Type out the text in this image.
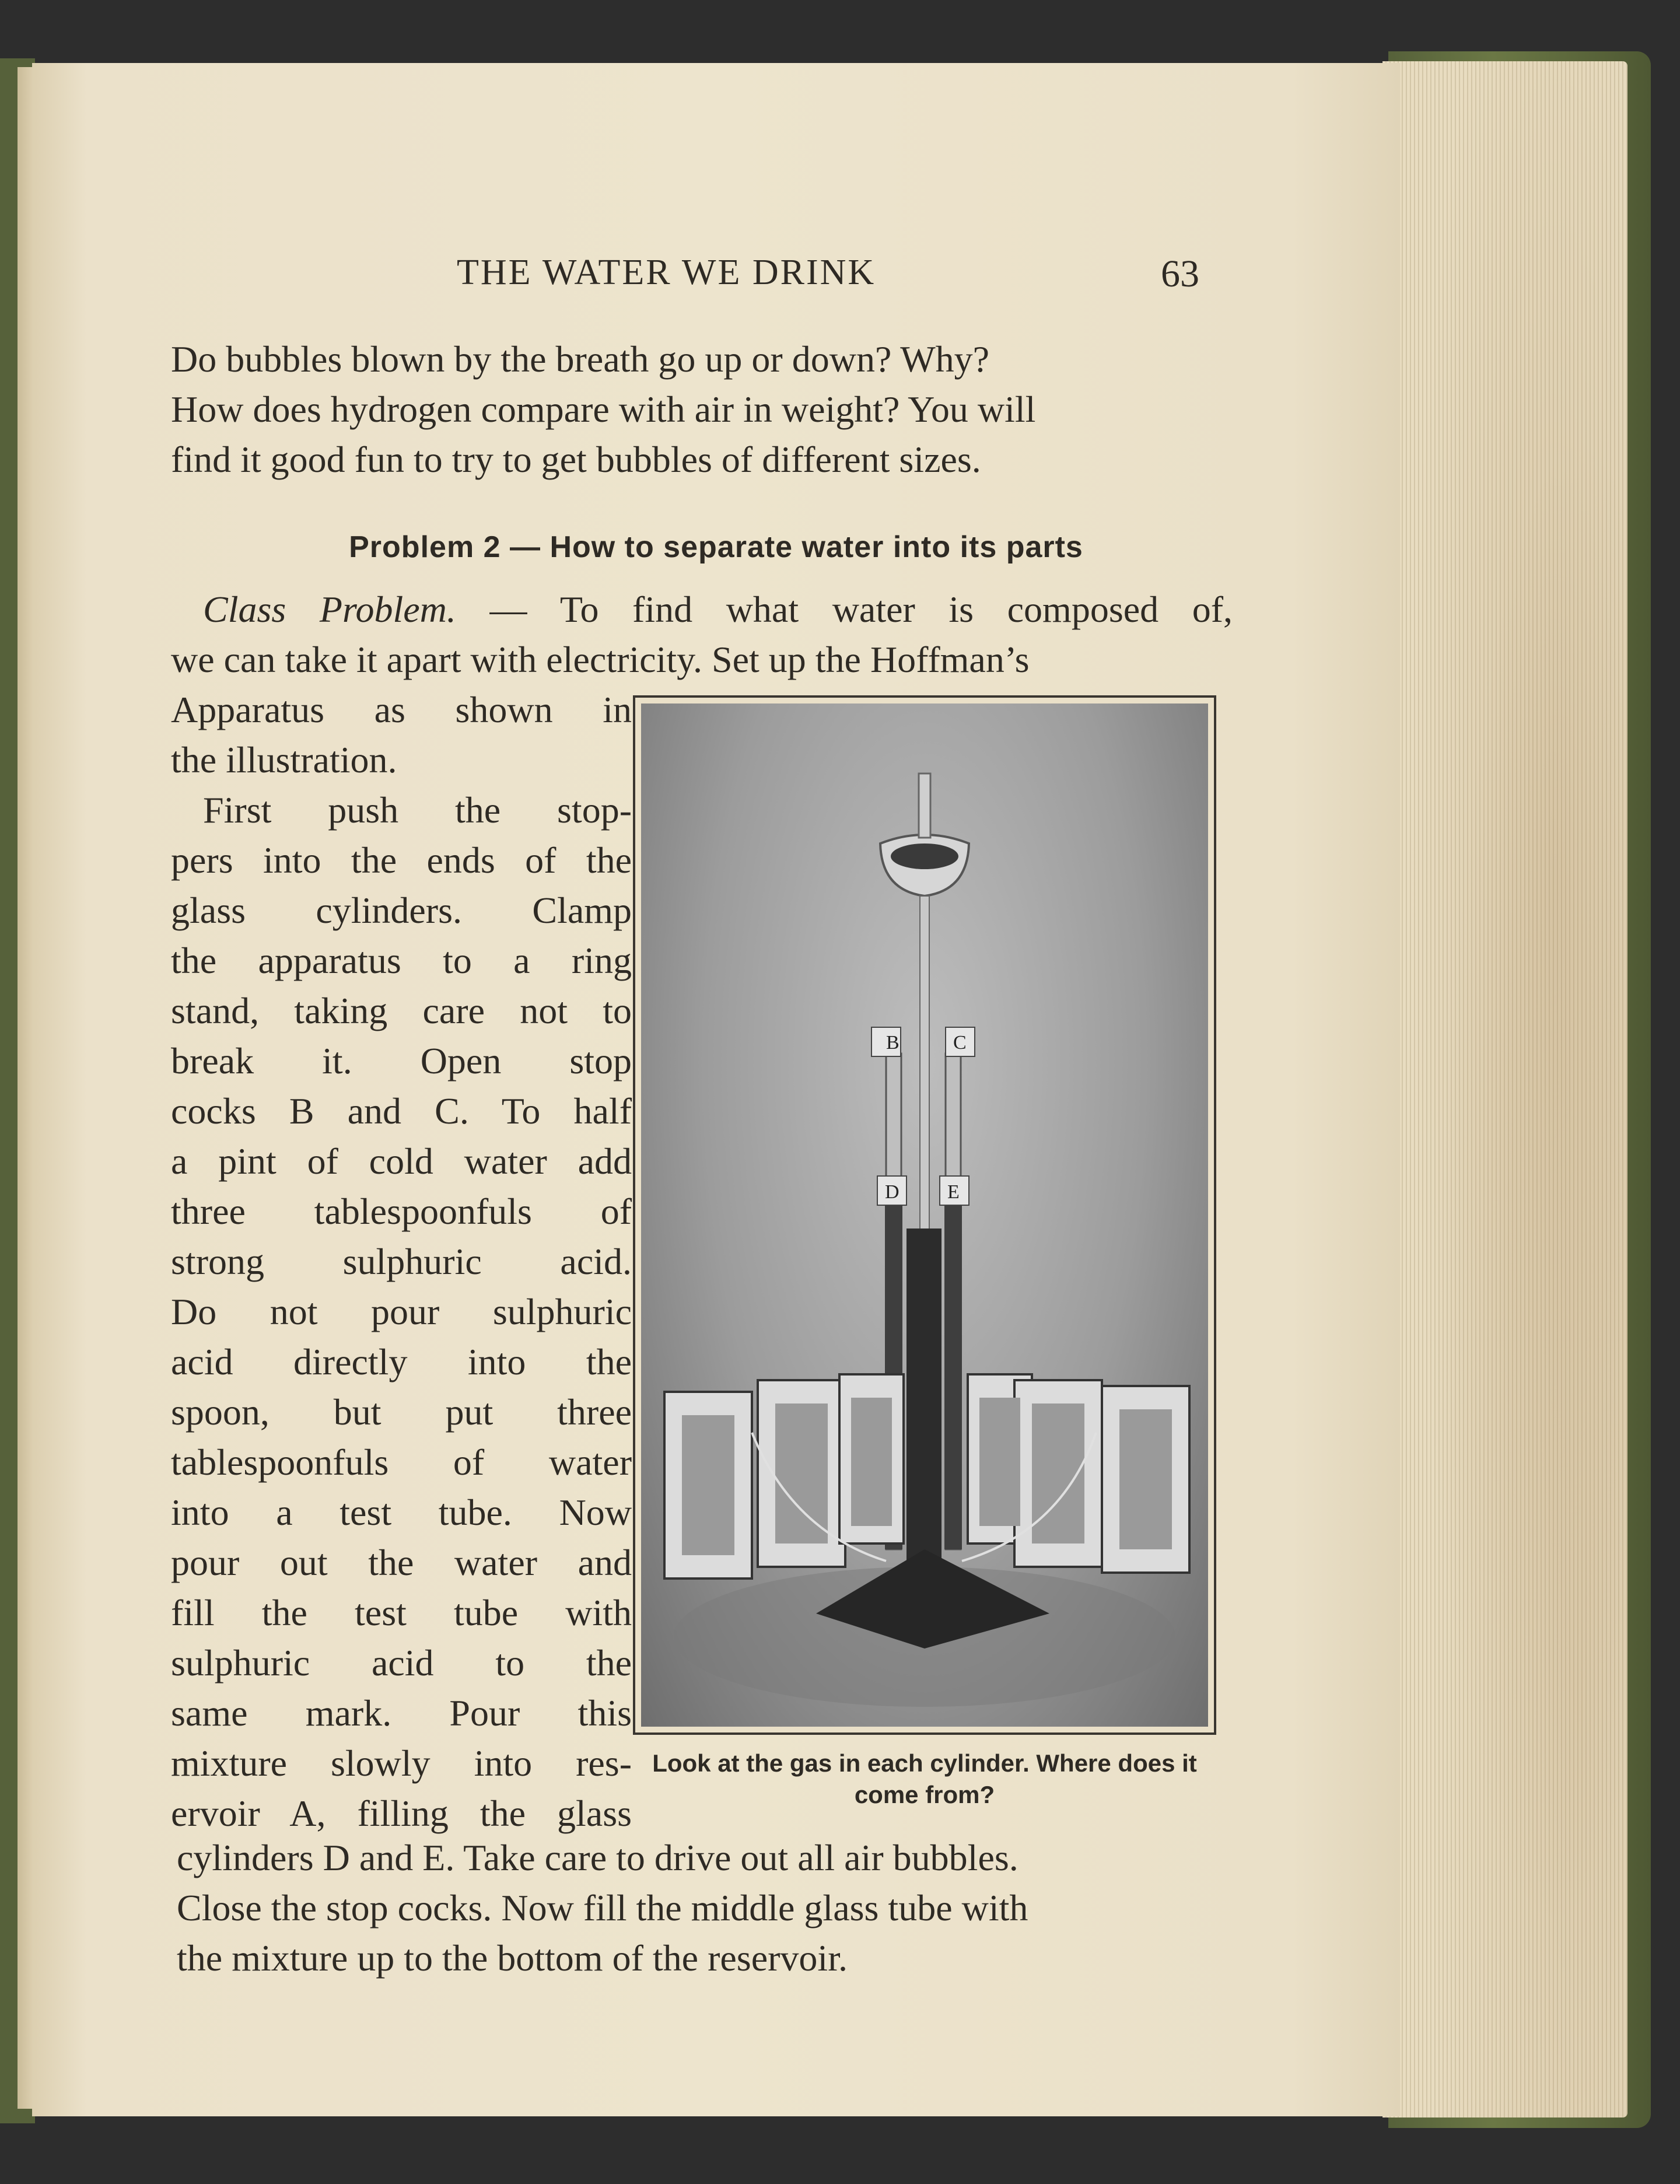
THE WATER WE DRINK	63
Do bubbles blown by the breath go up or down? Why?
How does hydrogen compare with air in weight? You will
find it good fun to try to get bubbles of different sizes.
Problem 2 — How to separate water into its parts
Class Problem. — To find what water is composed of,
we can take it apart with electricity. Set up the Hoffman’s
Apparatus as shown in
the illustration.
First push the stop-
pers into the ends of the
glass cylinders. Clamp
the apparatus to a ring
stand, taking care not to
break it. Open stop
cocks B and C. To half
a pint of cold water add
three tablespoonfuls of
strong sulphuric acid.
Do not pour sulphuric
acid directly into the
spoon, but put three
tablespoonfuls of water
into a test tube. Now
pour out the water and
fill the test tube with
sulphuric acid to the
same mark. Pour this
mixture slowly into res-
ervoir A, filling the glass
cylinders D and E. Take care to drive out all air bubbles.
Close the stop cocks. Now fill the middle glass tube with
the mixture up to the bottom of the reservoir.
B	C
D E
Look at the gas in each cylinder. Where does it come from?
